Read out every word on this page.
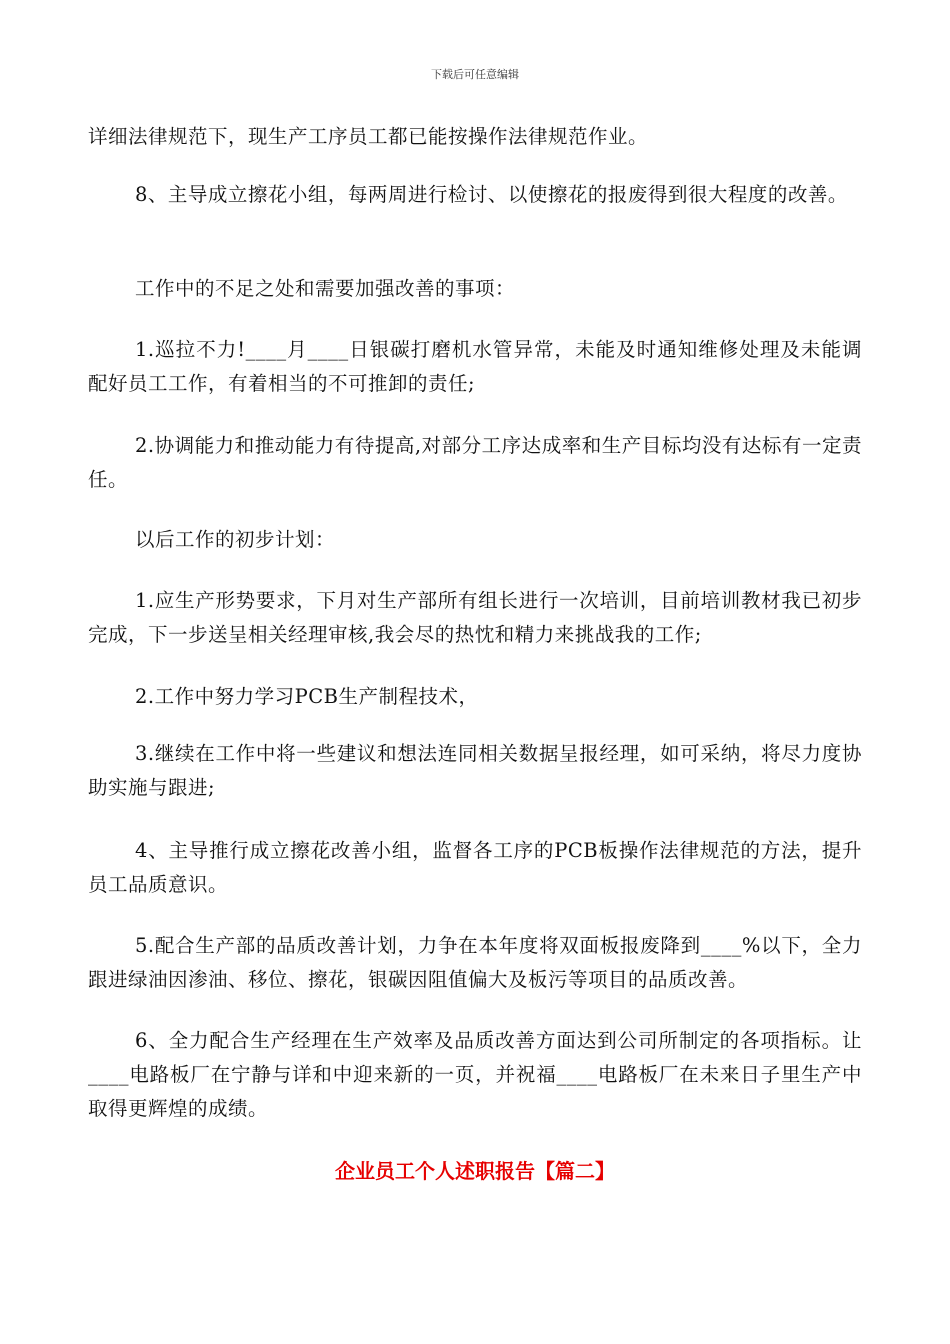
下载后可任意编辑

详细法律规范下，现生产工序员工都已能按操作法律规范作业。

8、主导成立擦花小组，每两周进行检讨、以使擦花的报废得到很大程度的改善。

工作中的不足之处和需要加强改善的事项：

1.巡拉不力!____月____日银碳打磨机水管异常，未能及时通知维修处理及未能调配好员工工作，有着相当的不可推卸的责任;

2.协调能力和推动能力有待提高,对部分工序达成率和生产目标均没有达标有一定责任。

以后工作的初步计划：

1.应生产形势要求，下月对生产部所有组长进行一次培训，目前培训教材我已初步完成，下一步送呈相关经理审核,我会尽的热忱和精力来挑战我的工作;

2.工作中努力学习PCB生产制程技术，

3.继续在工作中将一些建议和想法连同相关数据呈报经理，如可采纳，将尽力度协助实施与跟进;

4、主导推行成立擦花改善小组，监督各工序的PCB板操作法律规范的方法，提升员工品质意识。

5.配合生产部的品质改善计划，力争在本年度将双面板报废降到____%以下，全力跟进绿油因渗油、移位、擦花，银碳因阻值偏大及板污等项目的品质改善。

6、全力配合生产经理在生产效率及品质改善方面达到公司所制定的各项指标。让____电路板厂在宁静与详和中迎来新的一页，并祝福____电路板厂在未来日子里生产中取得更辉煌的成绩。

企业员工个人述职报告【篇二】
